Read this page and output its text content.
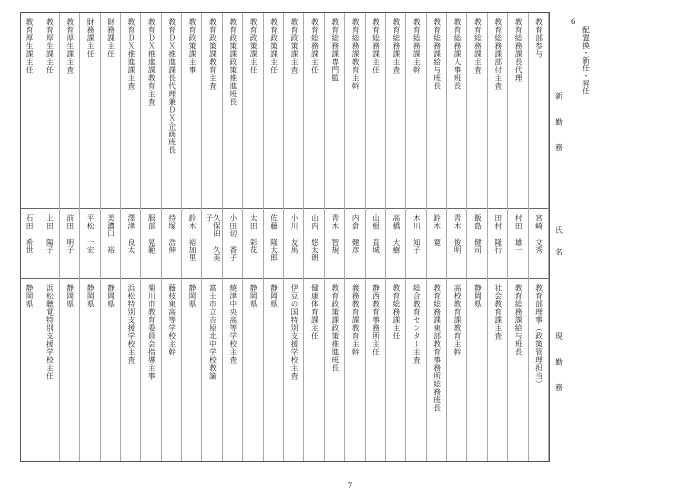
教育部参与
宮崎 文秀
教育部理事（政策管理担当）
教育総務課長代理
村田 雄一
教育総務課給与班長
教育総務課部付主査
田村 隆行
社会教育課主査
教育総務課主査
飯島 健司
静岡県
教育総務課人事班長
青木 俊明
高校教育課教育主幹
教育総務課給与班長
鈴木 寛
教育総務課東部教育事務所総務班長
教育総務課主幹
木川 知子
総合教育センター主査
教育総務課主査
高橋 大樹
教育総務課主任
教育総務課主任
山根 直城
静西教育事務所主任
教育総務課教育主幹
内倉 健彦
義務教育課教育主幹
教育総務課専門監
青木 智規
教育政策課政策推進班長
教育総務課主任
山内 悠太朗
健康体育課主任
教育政策課主査
小川 友馬
伊豆の国特別支援学校主査
教育政策課主任
佐藤 隆太郎
静岡県
教育政策課主任
太田 彩花
静岡県
教育政策課政策推進班長
小田切 香子
焼津中央高等学校主査
教育政策課教育主査
久保田 久美子
富士市立吉原北中学校教諭
教育政策課主事
鈴木 裕加里
静岡県
教育ＤＸ推進課長代理兼ＤＸ企画班長
持塚 浩伸
藤枝東高等学校主幹
教育ＤＸ推進課教育主査
服部 晃範
菊川市教育委員会指導主事
教育ＤＸ推進課主査
澤津 良太
浜松特別支援学校主査
財務課主任
美濃口 裕
静岡県
財務課主任
平松 一宏
静岡県
教育厚生課主査
前田 明子
静岡県
教育厚生課主任
上田 陽子
浜松聴覚特別支援学校主任
教育厚生課主任
石田 希世
静岡県
6
配置換・新任・昇任
新勤務
氏名
現勤務
7
